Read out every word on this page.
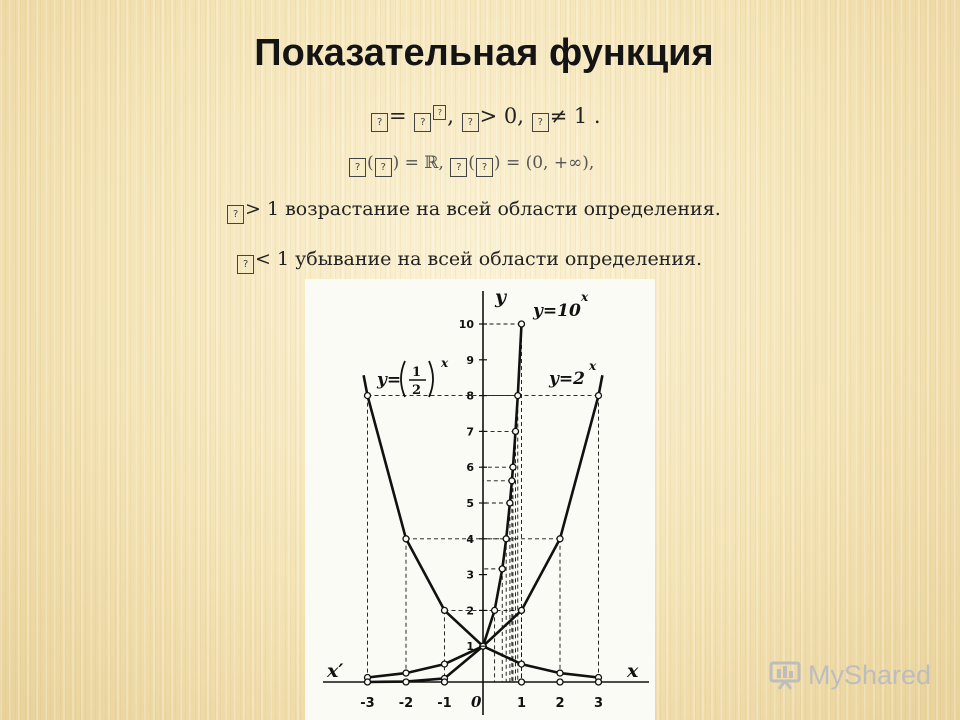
Показательная функция
? = ?? , ? > 0, ? ≠ 1 .
? ( ? ) = ℝ, ? ( ? ) = (0, +∞),
? > 1 возрастание на всей области определения.
? < 1 убывание на всей области определения.
-3 -2 -1	1 2 3
1
2
3
4
5
6
7
8
9
10
0
x
x′
y
y=10
x
y=2
x
y= 1
2
x
MyShared
